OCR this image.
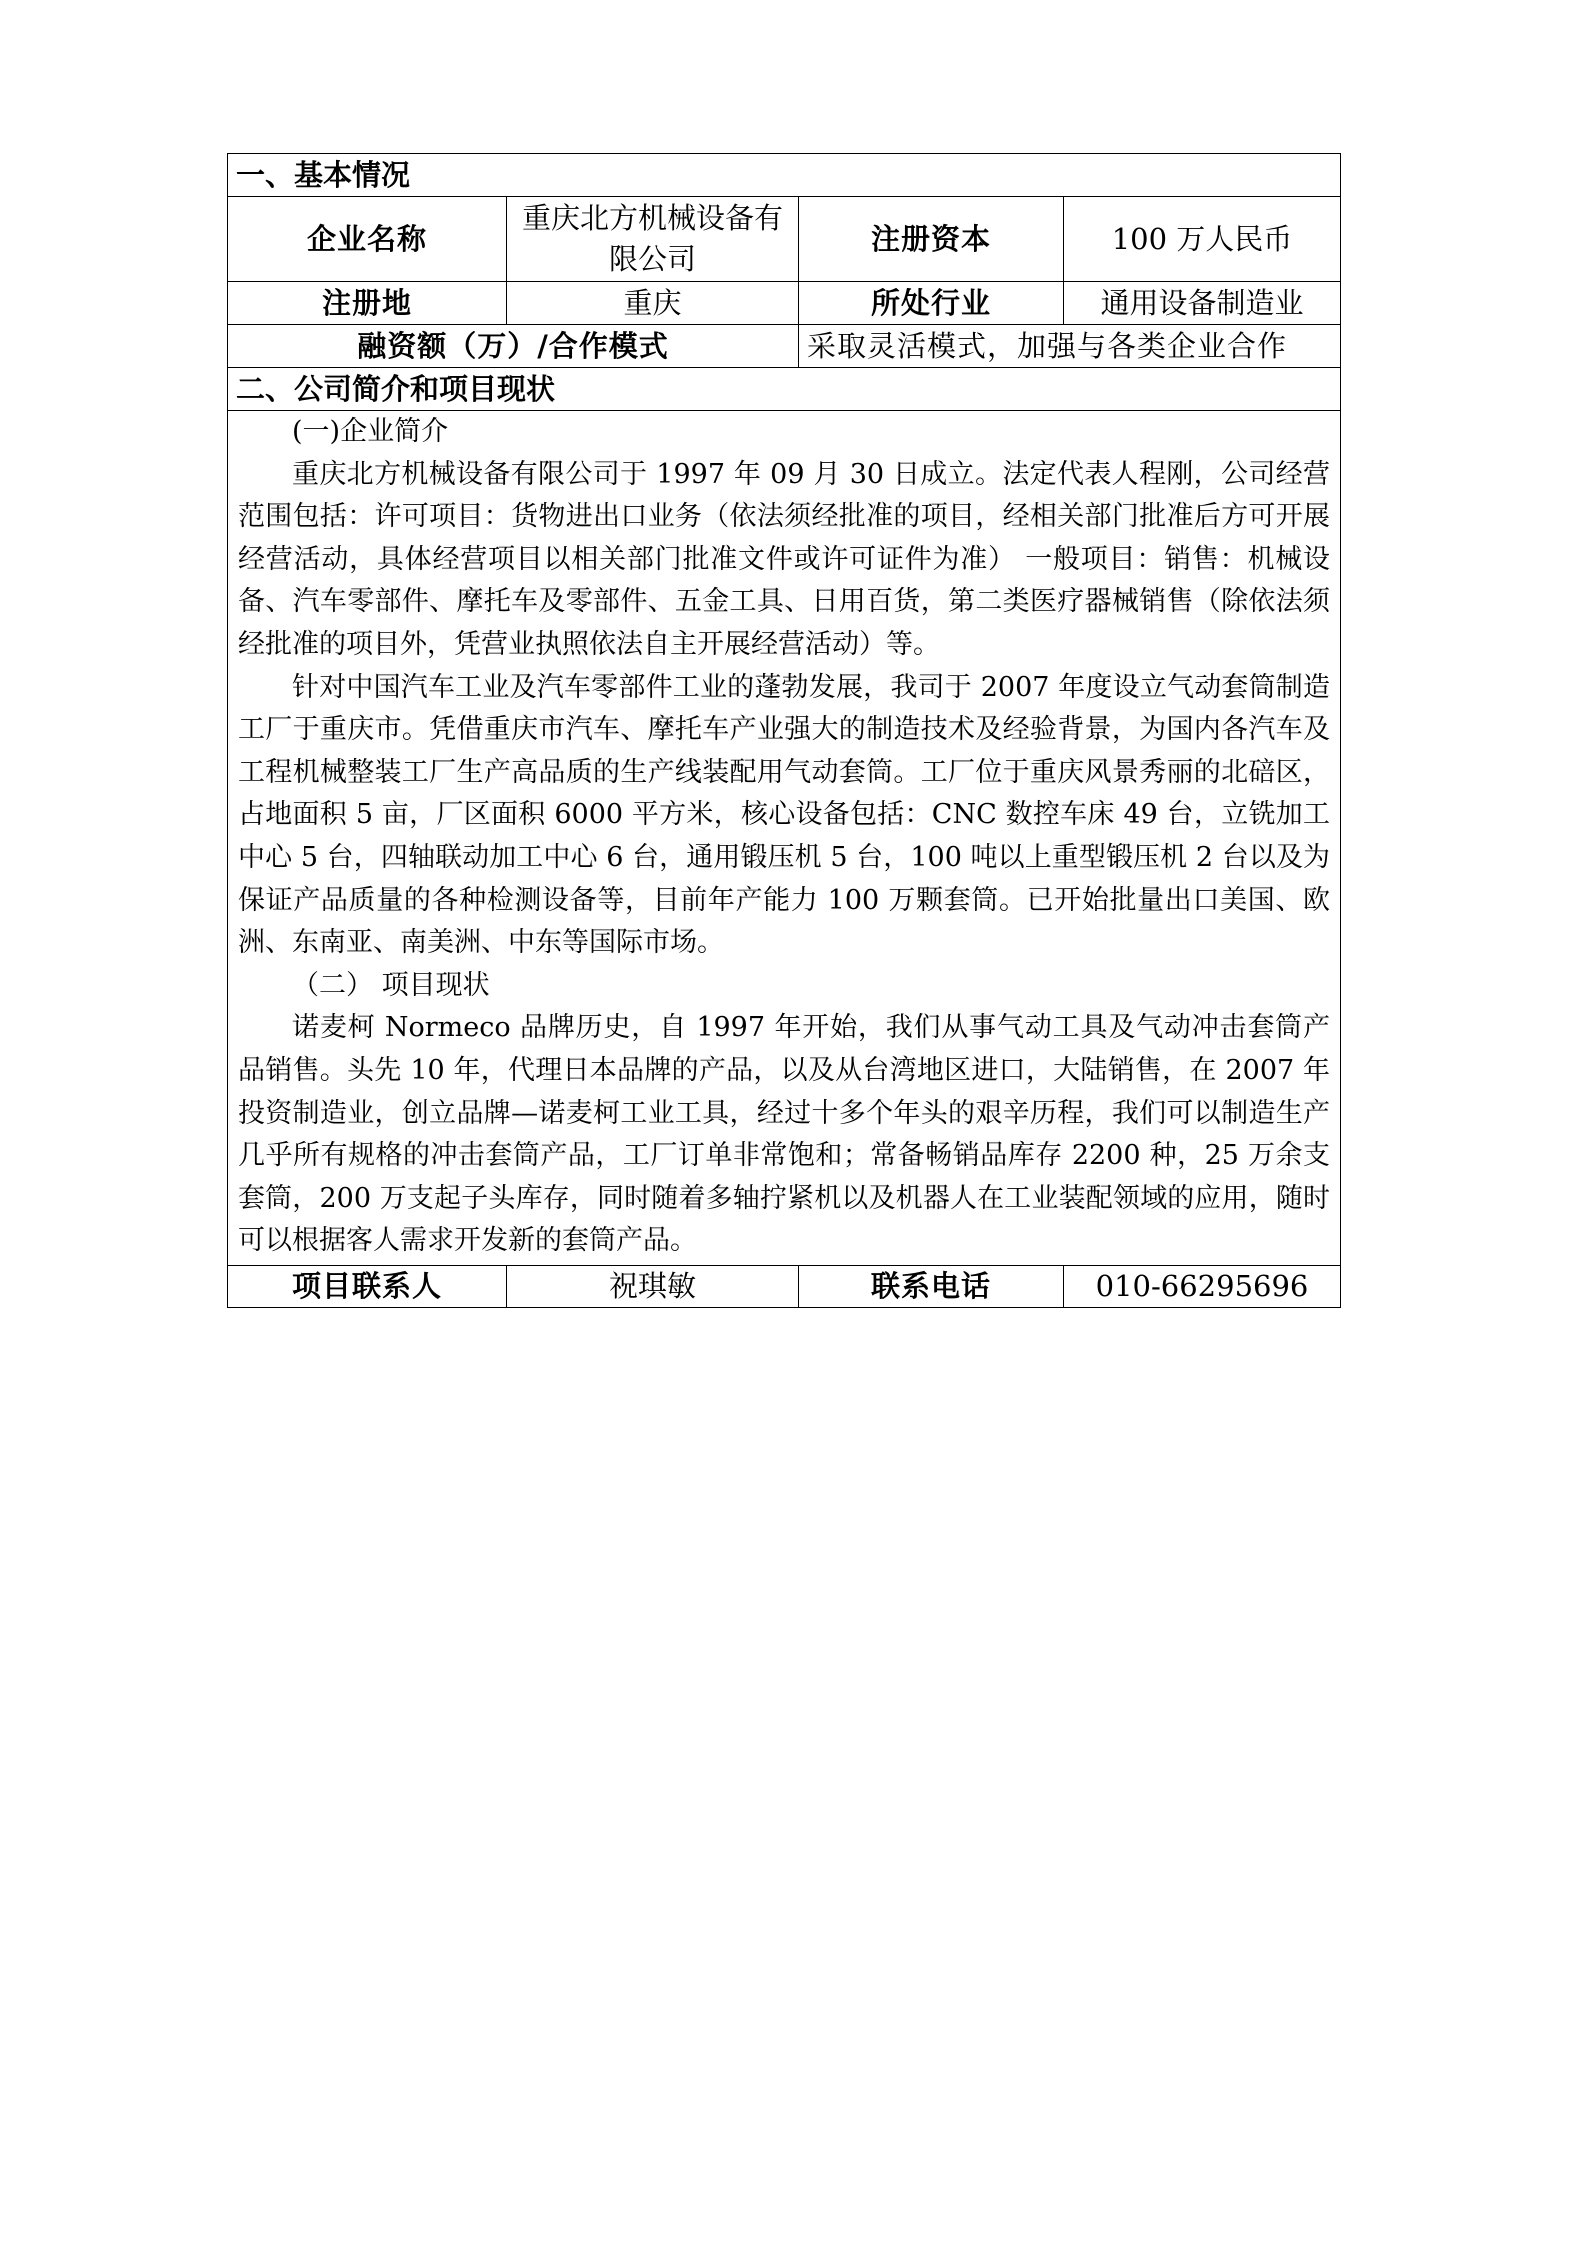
一、基本情况			
企业名称	重庆北方机械设备有限公司	注册资本	100 万人民币
注册地	重庆	所处行业	通用设备制造业
融资额（万）/合作模式		采取灵活模式，加强与各类企业合作	
二、公司简介和项目现状			

(一)企业简介

重庆北方机械设备有限公司于 1997 年 09 月 30 日成立。法定代表人程刚，公司经营范围包括：许可项目：货物进出口业务（依法须经批准的项目，经相关部门批准后方可开展经营活动，具体经营项目以相关部门批准文件或许可证件为准） 一般项目：销售：机械设备、汽车零部件、摩托车及零部件、五金工具、日用百货，第二类医疗器械销售（除依法须经批准的项目外，凭营业执照依法自主开展经营活动）等。

针对中国汽车工业及汽车零部件工业的蓬勃发展，我司于 2007 年度设立气动套筒制造工厂于重庆市。凭借重庆市汽车、摩托车产业强大的制造技术及经验背景，为国内各汽车及工程机械整装工厂生产高品质的生产线装配用气动套筒。工厂位于重庆风景秀丽的北碚区，占地面积 5 亩，厂区面积 6000 平方米，核心设备包括：CNC 数控车床 49 台，立铣加工中心 5 台，四轴联动加工中心 6 台，通用锻压机 5 台，100 吨以上重型锻压机 2 台以及为保证产品质量的各种检测设备等，目前年产能力 100 万颗套筒。已开始批量出口美国、欧洲、东南亚、南美洲、中东等国际市场。

（二） 项目现状

诺麦柯 Normeco 品牌历史，自 1997 年开始，我们从事气动工具及气动冲击套筒产品销售。头先 10 年，代理日本品牌的产品，以及从台湾地区进口，大陆销售，在 2007 年投资制造业，创立品牌—诺麦柯工业工具，经过十多个年头的艰辛历程，我们可以制造生产几乎所有规格的冲击套筒产品，工厂订单非常饱和；常备畅销品库存 2200 种，25 万余支套筒，200 万支起子头库存，同时随着多轴拧紧机以及机器人在工业装配领域的应用，随时可以根据客人需求开发新的套筒产品。			

项目联系人	祝琪敏	联系电话	010-66295696
